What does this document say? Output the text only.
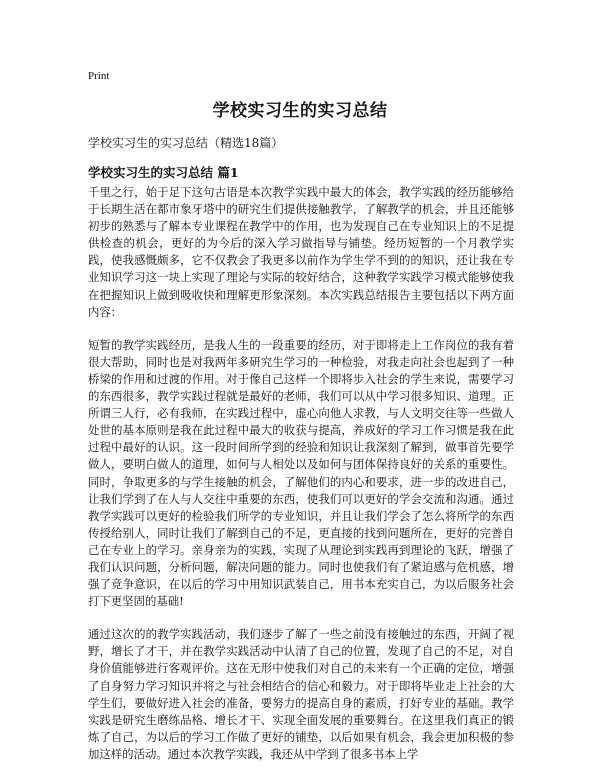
Print
学校实习生的实习总结

学校实习生的实习总结（精选18篇）

学校实习生的实习总结 篇1

千里之行，始于足下这句古语是本次教学实践中最大的体会，教学实践的经历能够给于长期生活在都市象牙塔中的研究生们提供接触教学，了解教学的机会，并且还能够初步的熟悉与了解本专业课程在教学中的作用，也为发现自己在专业知识上的不足提供检查的机会，更好的为今后的深入学习做指导与铺垫。经历短暂的一个月教学实践，使我感慨颇多，它不仅教会了我更多以前作为学生学不到的的知识，还让我在专业知识学习这一块上实现了理论与实际的较好结合，这种教学实践学习模式能够使我在把握知识上做到吸收快和理解更形象深刻。本次实践总结报告主要包括以下两方面内容：

短暂的教学实践经历，是我人生的一段重要的经历，对于即将走上工作岗位的我有着很大帮助，同时也是对我两年多研究生学习的一种检验，对我走向社会也起到了一种桥梁的作用和过渡的作用。对于像自己这样一个即将步入社会的学生来说，需要学习的东西很多，教学实践过程就是最好的老师，我们可以从中学习很多知识、道理。正所谓三人行，必有我师，在实践过程中，虚心向他人求教，与人文明交往等一些做人处世的基本原则是我在此过程中最大的收获与提高，养成好的学习工作习惯是我在此过程中最好的认识。这一段时间所学到的经验和知识让我深刻了解到，做事首先要学做人，要明白做人的道理，如何与人相处以及如何与团体保持良好的关系的重要性。同时，争取更多的与学生接触的机会，了解他们的内心和要求，进一步的改进自己，让我们学到了在人与人交往中重要的东西，使我们可以更好的学会交流和沟通。通过教学实践可以更好的检验我们所学的专业知识，并且让我们学会了怎么将所学的东西传授给别人，同时让我们了解到自己的不足，更直接的找到问题所在，更好的完善自己在专业上的学习。亲身亲为的实践，实现了从理论到实践再到理论的飞跃，增强了我们认识问题，分析问题，解决问题的能力。同时也使我们有了紧迫感与危机感，增强了竞争意识，在以后的学习中用知识武装自己，用书本充实自己，为以后服务社会打下更坚固的基础!

通过这次的的教学实践活动，我们逐步了解了一些之前没有接触过的东西，开阔了视野，增长了才干，并在教学实践活动中认清了自己的位置，发现了自己的不足，对自身价值能够进行客观评价。这在无形中使我们对自己的未来有一个正确的定位，增强了自身努力学习知识并将之与社会相结合的信心和毅力。对于即将毕业走上社会的大学生们，要做好进入社会的准备，要努力的提高自身的素质，打好专业的基础。教学实践是研究生磨练品格、增长才干、实现全面发展的重要舞台。在这里我们真正的锻炼了自己，为以后的学习工作做了更好的铺垫，以后如果有机会，我会更加积极的参加这样的活动。通过本次教学实践，我还从中学到了很多书本上学
